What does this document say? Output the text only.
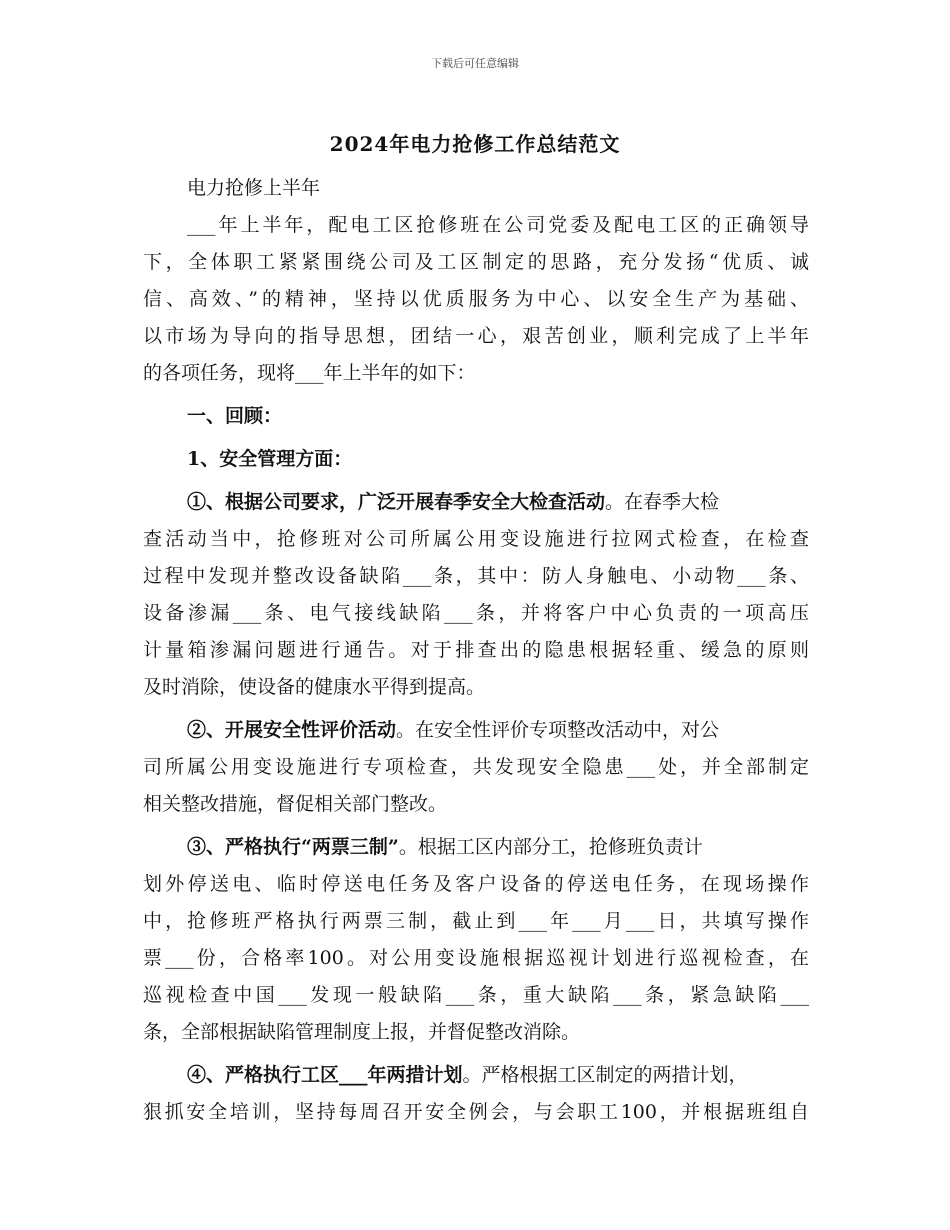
下载后可任意编辑
2024年电力抢修工作总结范文
电力抢修上半年
___年上半年，配电工区抢修班在公司党委及配电工区的正确领导
下，全体职工紧紧围绕公司及工区制定的思路，充分发扬“优质、诚
信、高效、”的精神，坚持以优质服务为中心、以安全生产为基础、
以市场为导向的指导思想，团结一心，艰苦创业，顺利完成了上半年
的各项任务，现将___年上半年的如下：
一、回顾：
1、安全管理方面：
①、根据公司要求，广泛开展春季安全大检查活动。在春季大检
查活动当中，抢修班对公司所属公用变设施进行拉网式检查，在检查
过程中发现并整改设备缺陷___条，其中：防人身触电、小动物___条、
设备渗漏___条、电气接线缺陷___条，并将客户中心负责的一项高压
计量箱渗漏问题进行通告。对于排查出的隐患根据轻重、缓急的原则
及时消除，使设备的健康水平得到提高。
②、开展安全性评价活动。在安全性评价专项整改活动中，对公
司所属公用变设施进行专项检查，共发现安全隐患___处，并全部制定
相关整改措施，督促相关部门整改。
③、严格执行“两票三制”。根据工区内部分工，抢修班负责计
划外停送电、临时停送电任务及客户设备的停送电任务，在现场操作
中，抢修班严格执行两票三制，截止到___年___月___日，共填写操作
票___份，合格率100。对公用变设施根据巡视计划进行巡视检查，在
巡视检查中国___发现一般缺陷___条，重大缺陷___条，紧急缺陷___
条，全部根据缺陷管理制度上报，并督促整改消除。
④、严格执行工区___年两措计划。严格根据工区制定的两措计划，
狠抓安全培训，坚持每周召开安全例会，与会职工100，并根据班组自
